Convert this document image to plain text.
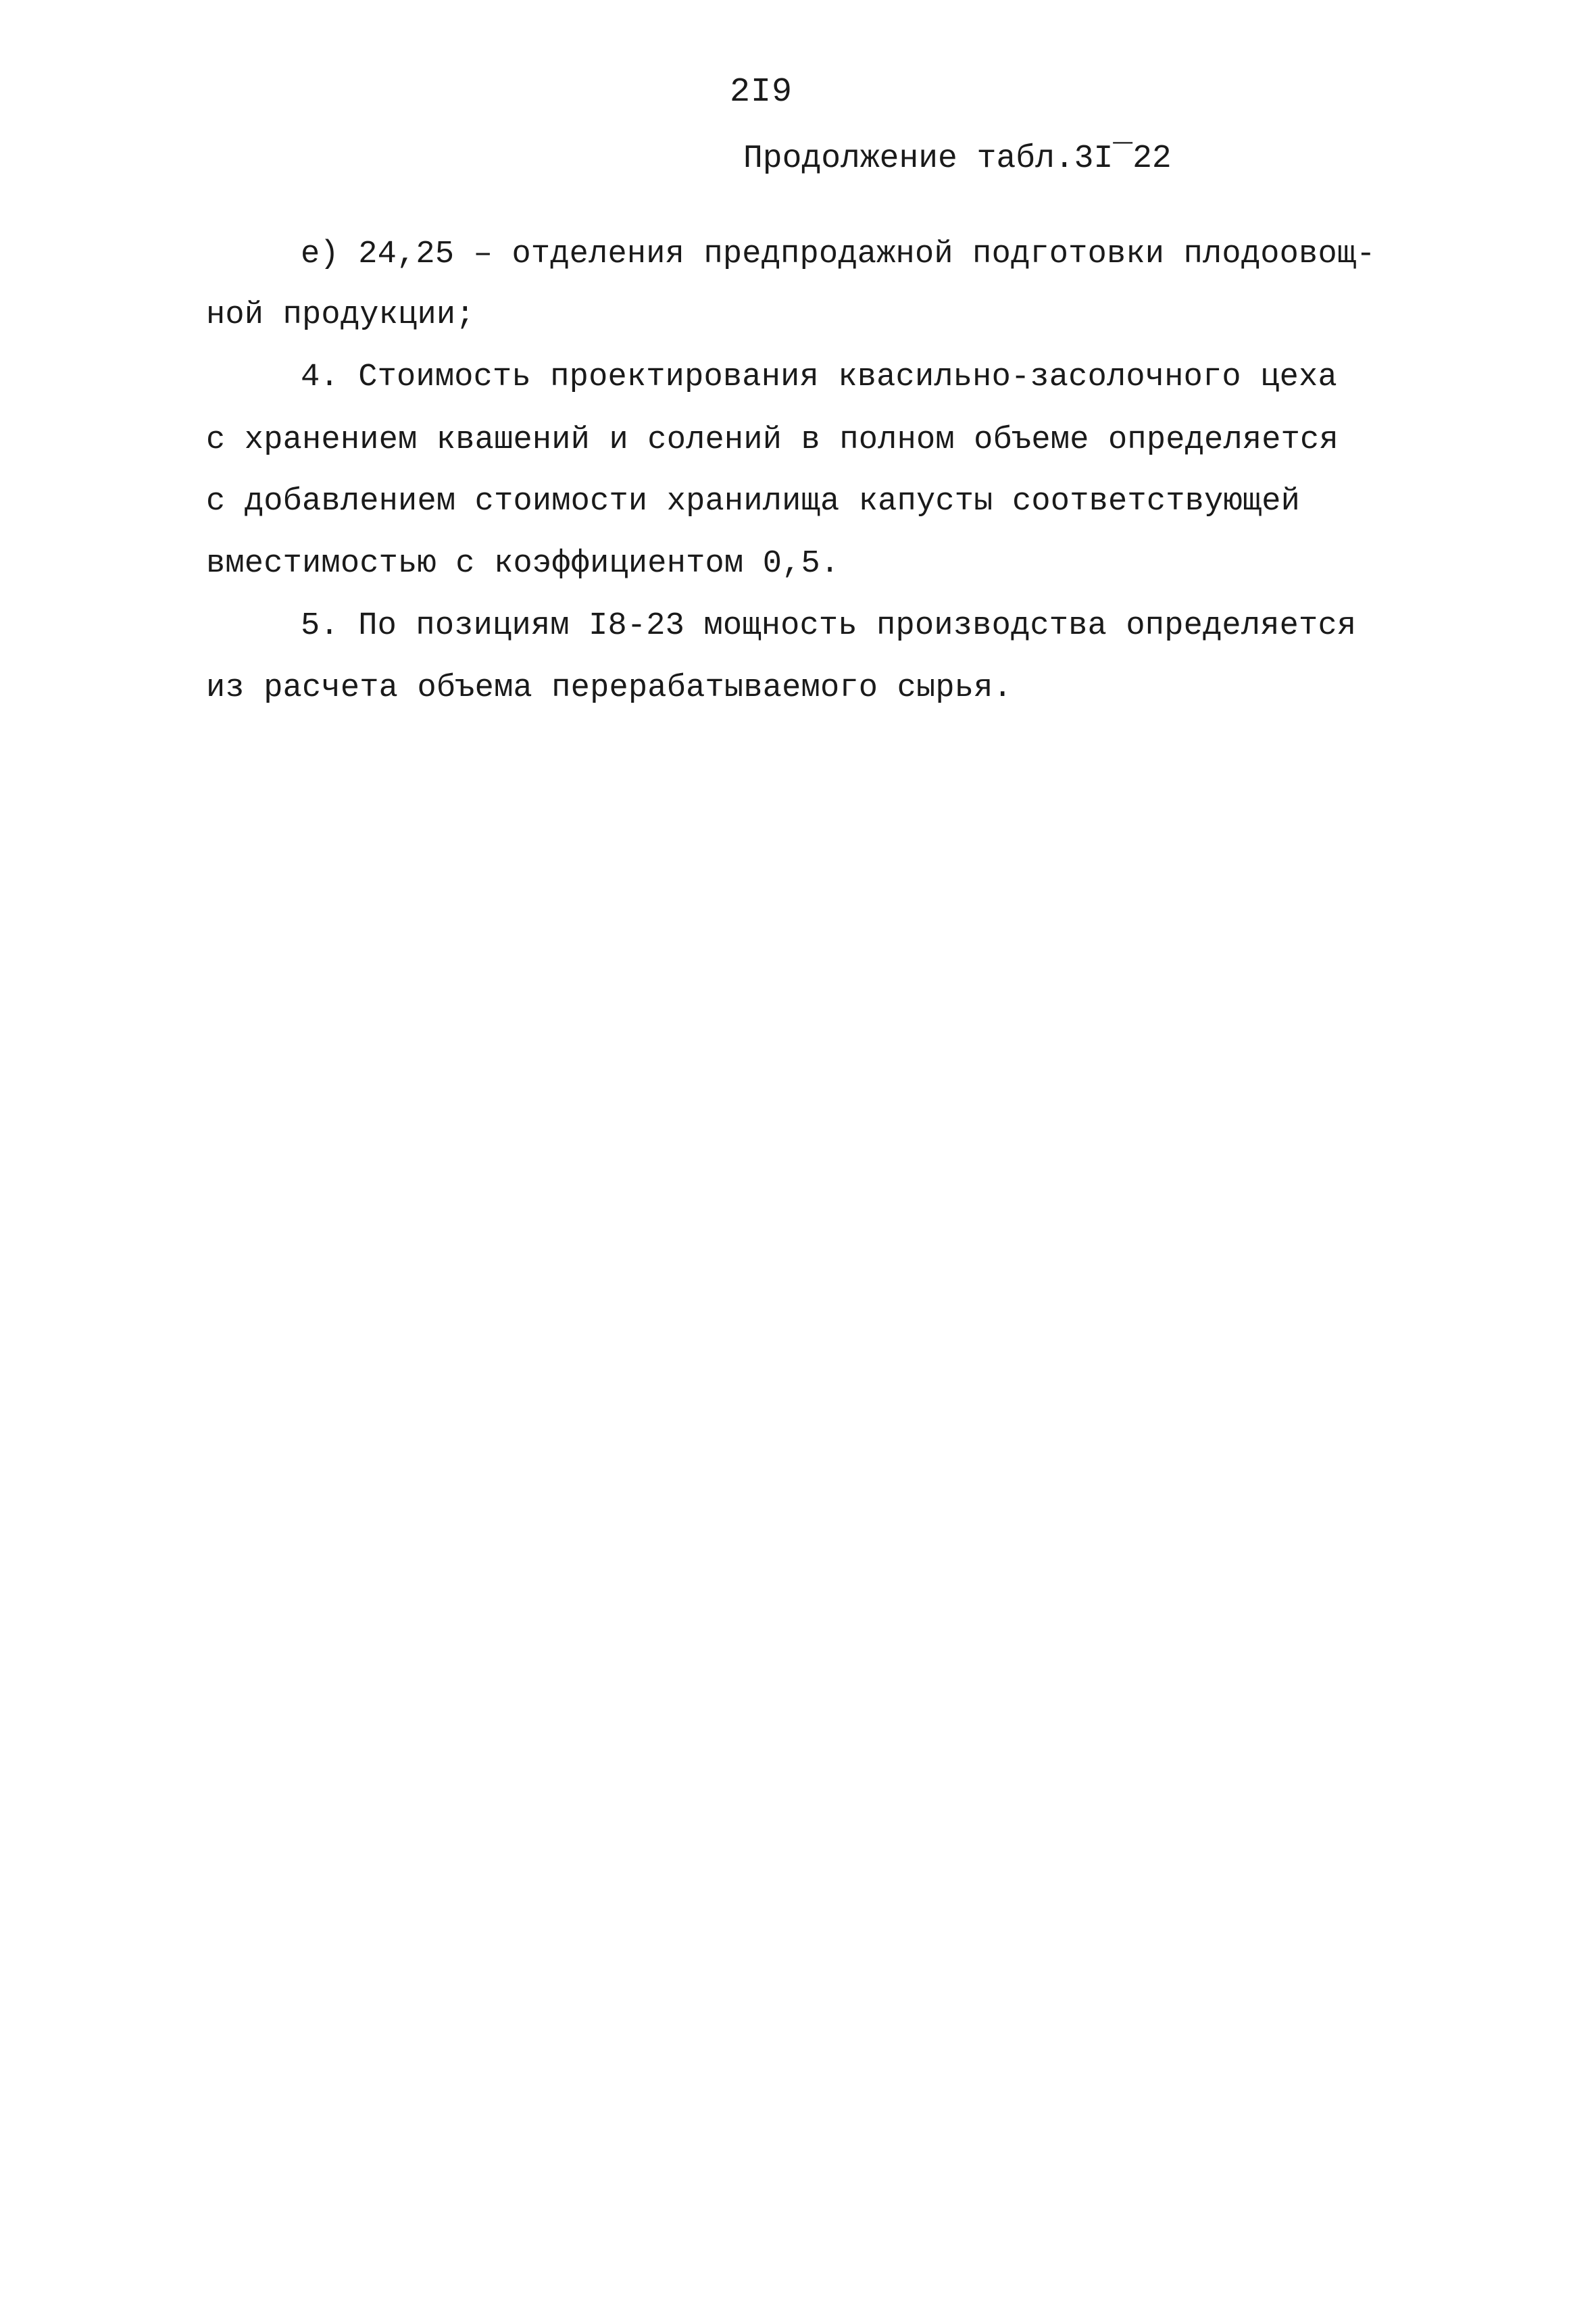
2I9
Продолжение табл.3I‾22
е) 24,25 – отделения предпродажной подготовки плодоовощ-
ной продукции;
4. Стоимость проектирования квасильно-засолочного цеха
с хранением квашений и солений в полном объеме определяется
с добавлением стоимости хранилища капусты соответствующей
вместимостью с коэффициентом 0,5.
5. По позициям I8-23 мощность производства определяется
из расчета объема перерабатываемого сырья.
